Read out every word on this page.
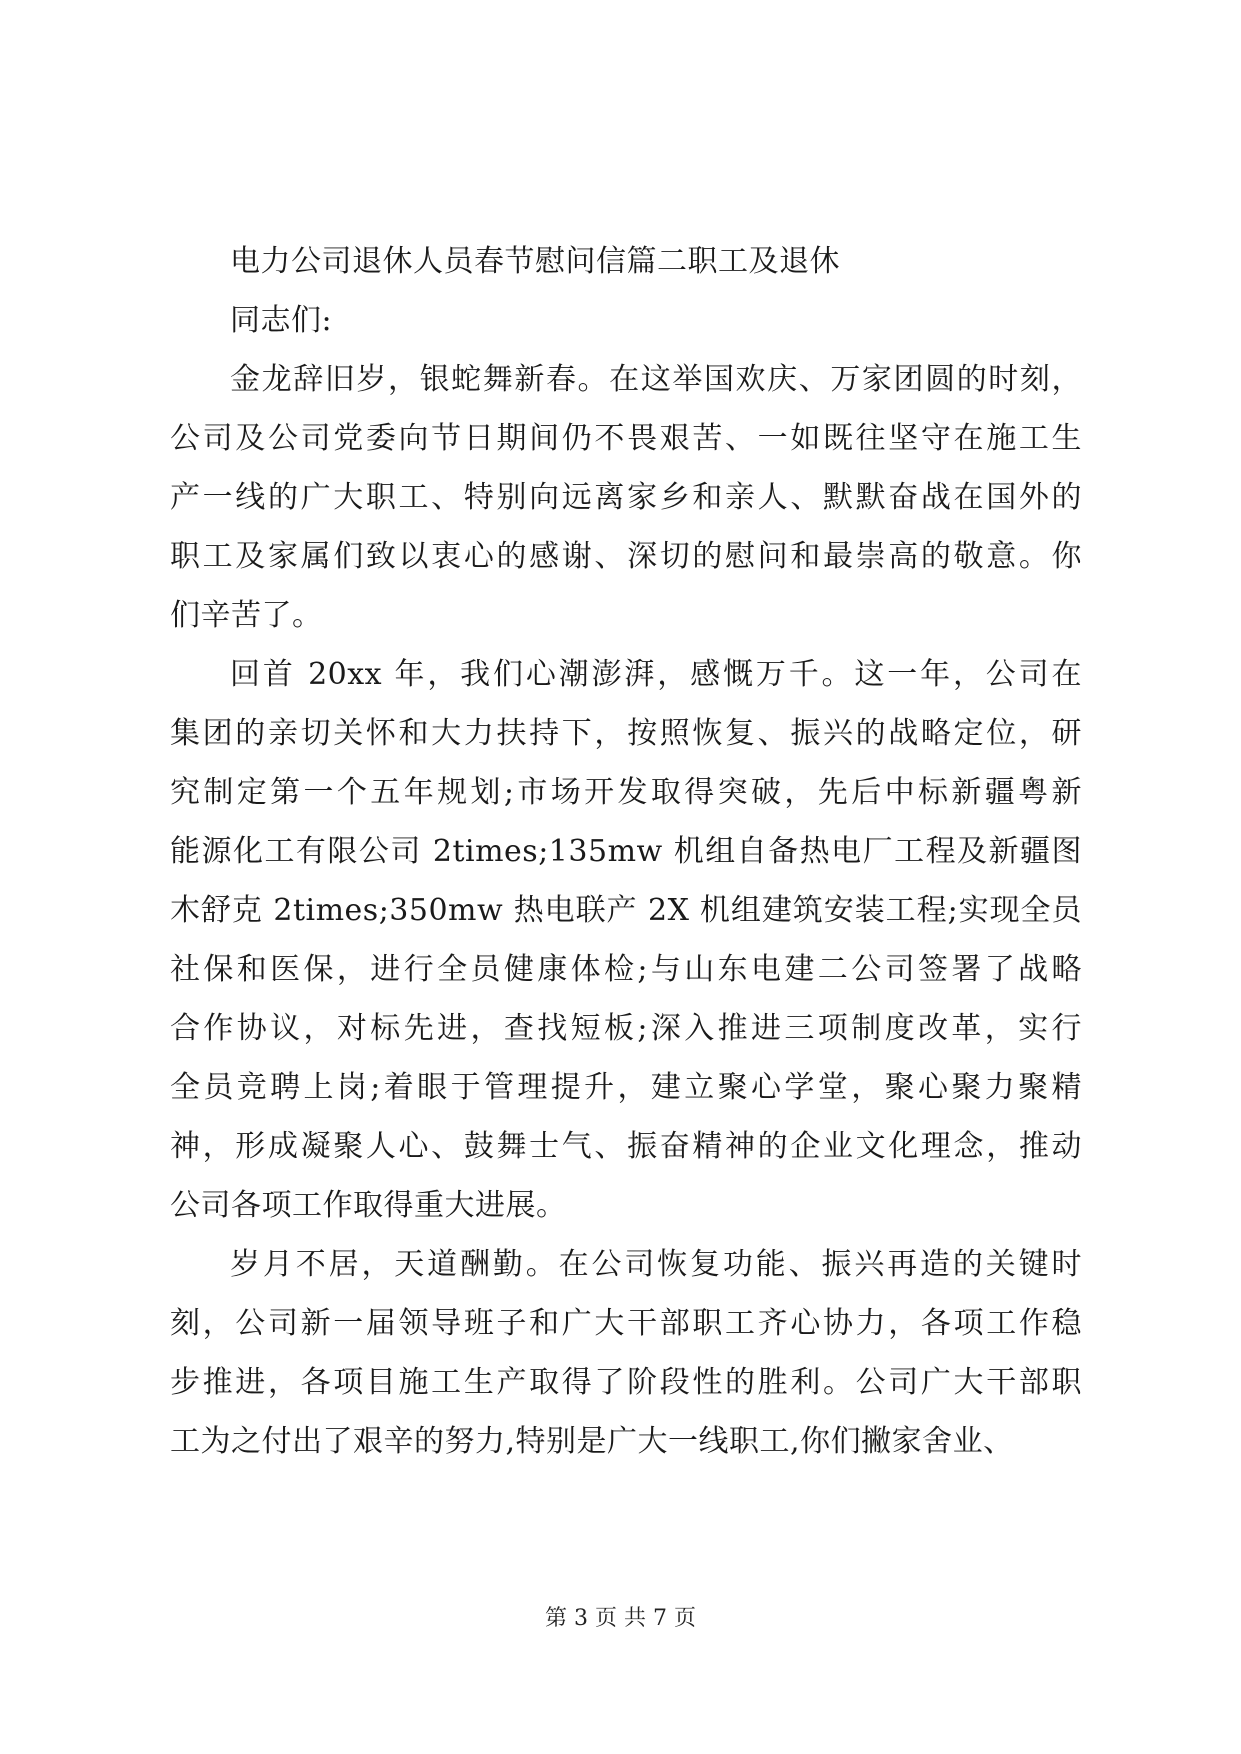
电力公司退休人员春节慰问信篇二职工及退休
同志们:
金龙辞旧岁，银蛇舞新春。在这举国欢庆、万家团圆的时刻，
公司及公司党委向节日期间仍不畏艰苦、一如既往坚守在施工生
产一线的广大职工、特别向远离家乡和亲人、默默奋战在国外的
职工及家属们致以衷心的感谢、深切的慰问和最崇高的敬意。你
们辛苦了。
回首 20xx 年，我们心潮澎湃，感慨万千。这一年，公司在
集团的亲切关怀和大力扶持下，按照恢复、振兴的战略定位，研
究制定第一个五年规划;市场开发取得突破，先后中标新疆粤新
能源化工有限公司 2times;135mw 机组自备热电厂工程及新疆图
木舒克 2times;350mw 热电联产 2X 机组建筑安装工程;实现全员
社保和医保，进行全员健康体检;与山东电建二公司签署了战略
合作协议，对标先进，查找短板;深入推进三项制度改革，实行
全员竞聘上岗;着眼于管理提升，建立聚心学堂，聚心聚力聚精
神，形成凝聚人心、鼓舞士气、振奋精神的企业文化理念，推动
公司各项工作取得重大进展。
岁月不居，天道酬勤。在公司恢复功能、振兴再造的关键时
刻，公司新一届领导班子和广大干部职工齐心协力，各项工作稳
步推进，各项目施工生产取得了阶段性的胜利。公司广大干部职
工为之付出了艰辛的努力,特别是广大一线职工,你们撇家舍业、
第 3 页 共 7 页
